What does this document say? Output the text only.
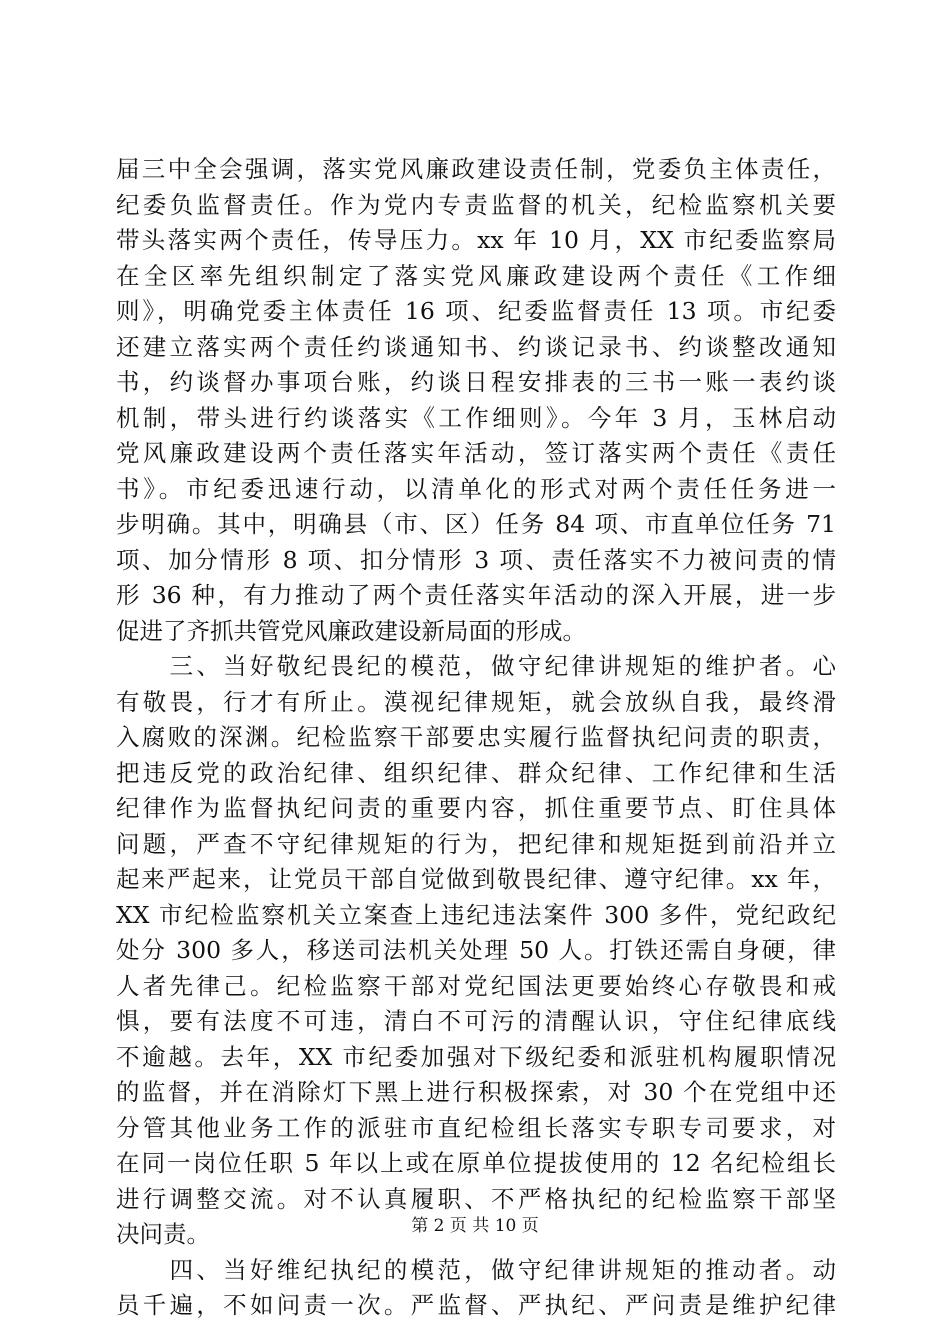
届三中全会强调，落实党风廉政建设责任制，党委负主体责任，
纪委负监督责任。作为党内专责监督的机关，纪检监察机关要
带头落实两个责任，传导压力。xx 年 10 月，XX 市纪委监察局
在全区率先组织制定了落实党风廉政建设两个责任《工作细
则》，明确党委主体责任 16 项、纪委监督责任 13 项。市纪委
还建立落实两个责任约谈通知书、约谈记录书、约谈整改通知
书，约谈督办事项台账，约谈日程安排表的三书一账一表约谈
机制，带头进行约谈落实《工作细则》。今年 3 月，玉林启动
党风廉政建设两个责任落实年活动，签订落实两个责任《责任
书》。市纪委迅速行动，以清单化的形式对两个责任任务进一
步明确。其中，明确县（市、区）任务 84 项、市直单位任务 71
项、加分情形 8 项、扣分情形 3 项、责任落实不力被问责的情
形 36 种，有力推动了两个责任落实年活动的深入开展，进一步
促进了齐抓共管党风廉政建设新局面的形成。
　　三、当好敬纪畏纪的模范，做守纪律讲规矩的维护者。心
有敬畏，行才有所止。漠视纪律规矩，就会放纵自我，最终滑
入腐败的深渊。纪检监察干部要忠实履行监督执纪问责的职责，
把违反党的政治纪律、组织纪律、群众纪律、工作纪律和生活
纪律作为监督执纪问责的重要内容，抓住重要节点、盯住具体
问题，严查不守纪律规矩的行为，把纪律和规矩挺到前沿并立
起来严起来，让党员干部自觉做到敬畏纪律、遵守纪律。xx 年，
XX 市纪检监察机关立案查上违纪违法案件 300 多件，党纪政纪
处分 300 多人，移送司法机关处理 50 人。打铁还需自身硬，律
人者先律己。纪检监察干部对党纪国法更要始终心存敬畏和戒
惧，要有法度不可违，清白不可污的清醒认识，守住纪律底线
不逾越。去年，XX 市纪委加强对下级纪委和派驻机构履职情况
的监督，并在消除灯下黑上进行积极探索，对 30 个在党组中还
分管其他业务工作的派驻市直纪检组长落实专职专司要求，对
在同一岗位任职 5 年以上或在原单位提拔使用的 12 名纪检组长
进行调整交流。对不认真履职、不严格执纪的纪检监察干部坚
决问责。
　　四、当好维纪执纪的模范，做守纪律讲规矩的推动者。动
员千遍，不如问责一次。严监督、严执纪、严问责是维护纪律
第 2 页 共 10 页
